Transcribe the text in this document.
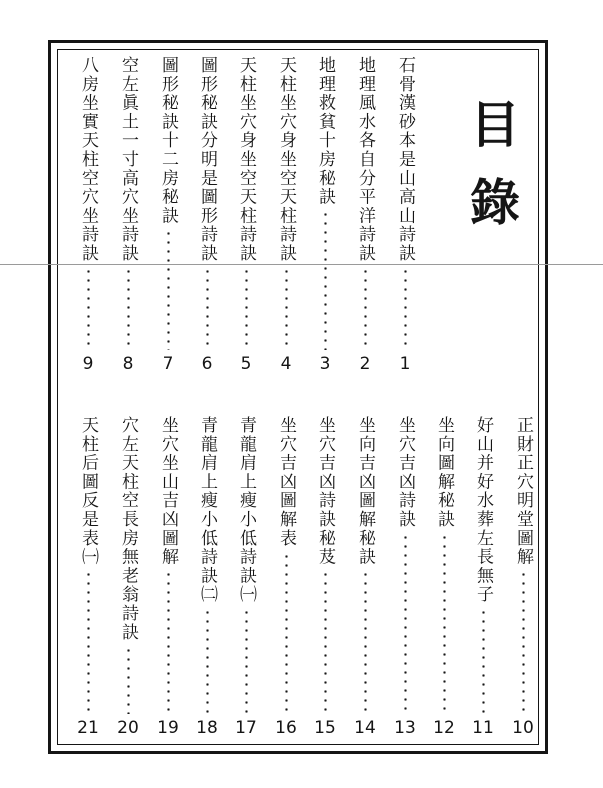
目
錄
石骨漢砂本是山高山詩訣
1
地理風水各自分平洋詩訣
2
地理救貧十房秘訣
3
天柱坐穴身坐空天柱詩訣
4
天柱坐穴身坐空天柱詩訣
5
圖形秘訣分明是圖形詩訣
6
圖形秘訣十二房秘訣
7
空左眞土一寸高穴坐詩訣
8
八房坐實天柱空穴坐詩訣
9
正財正穴明堂圖解
10
好山并好水葬左長無子
11
坐向圖解秘訣
12
坐穴吉凶詩訣
13
坐向吉凶圖解秘訣
14
坐穴吉凶詩訣秘芨
15
坐穴吉凶圖解表
16
青龍肩上瘦小低詩訣㈠
17
青龍肩上瘦小低詩訣㈡
18
坐穴坐山吉凶圖解
19
穴左天柱空長房無老翁詩訣
20
天柱后圖反是表㈠
21
